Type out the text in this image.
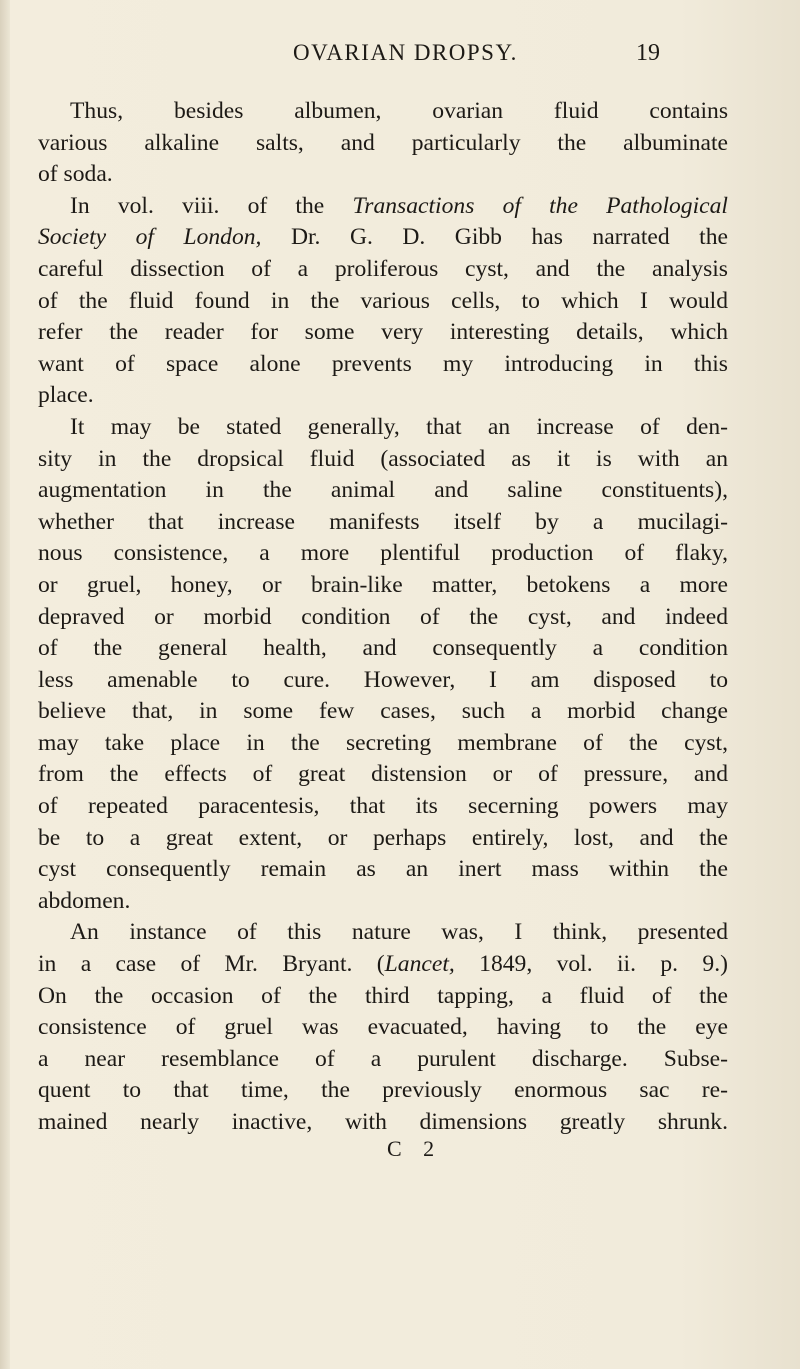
OVARIAN DROPSY.	19
Thus, besides albumen, ovarian fluid contains
various alkaline salts, and particularly the albuminate
of soda.
In vol. viii. of the Transactions of the Pathological
Society of London, Dr. G. D. Gibb has narrated the
careful dissection of a proliferous cyst, and the analysis
of the fluid found in the various cells, to which I would
refer the reader for some very interesting details, which
want of space alone prevents my introducing in this
place.
It may be stated generally, that an increase of den-
sity in the dropsical fluid (associated as it is with an
augmentation in the animal and saline constituents),
whether that increase manifests itself by a mucilagi-
nous consistence, a more plentiful production of flaky,
or gruel, honey, or brain-like matter, betokens a more
depraved or morbid condition of the cyst, and indeed
of the general health, and consequently a condition
less amenable to cure. However, I am disposed to
believe that, in some few cases, such a morbid change
may take place in the secreting membrane of the cyst,
from the effects of great distension or of pressure, and
of repeated paracentesis, that its secerning powers may
be to a great extent, or perhaps entirely, lost, and the
cyst consequently remain as an inert mass within the
abdomen.
An instance of this nature was, I think, presented
in a case of Mr. Bryant. (Lancet, 1849, vol. ii. p. 9.)
On the occasion of the third tapping, a fluid of the
consistence of gruel was evacuated, having to the eye
a near resemblance of a purulent discharge. Subse-
quent to that time, the previously enormous sac re-
mained nearly inactive, with dimensions greatly shrunk.
C 2
